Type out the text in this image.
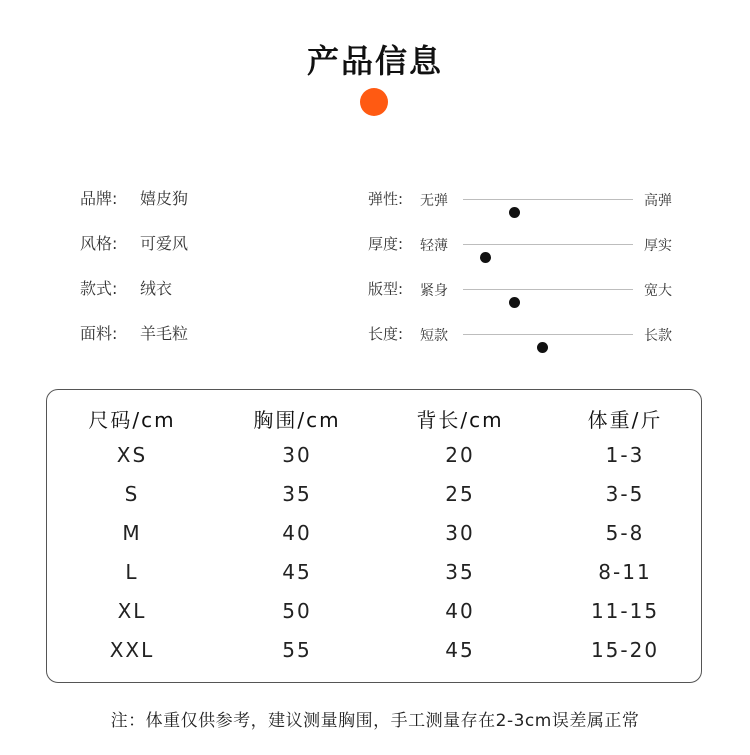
产品信息
品牌:	嬉皮狗
风格:	可爱风
款式:	绒衣
面料:	羊毛粒
弹性: 无弹	高弹
厚度: 轻薄	厚实
版型: 紧身	宽大
长度: 短款	长款
尺码/cm	胸围/cm	背长/cm	体重/斤
XS	30	20	1-3
S	35	25	3-5
M	40	30	5-8
L	45	35	8-11
XL	50	40	11-15
XXL	55	45	15-20
注：体重仅供参考，建议测量胸围，手工测量存在2-3cm误差属正常
